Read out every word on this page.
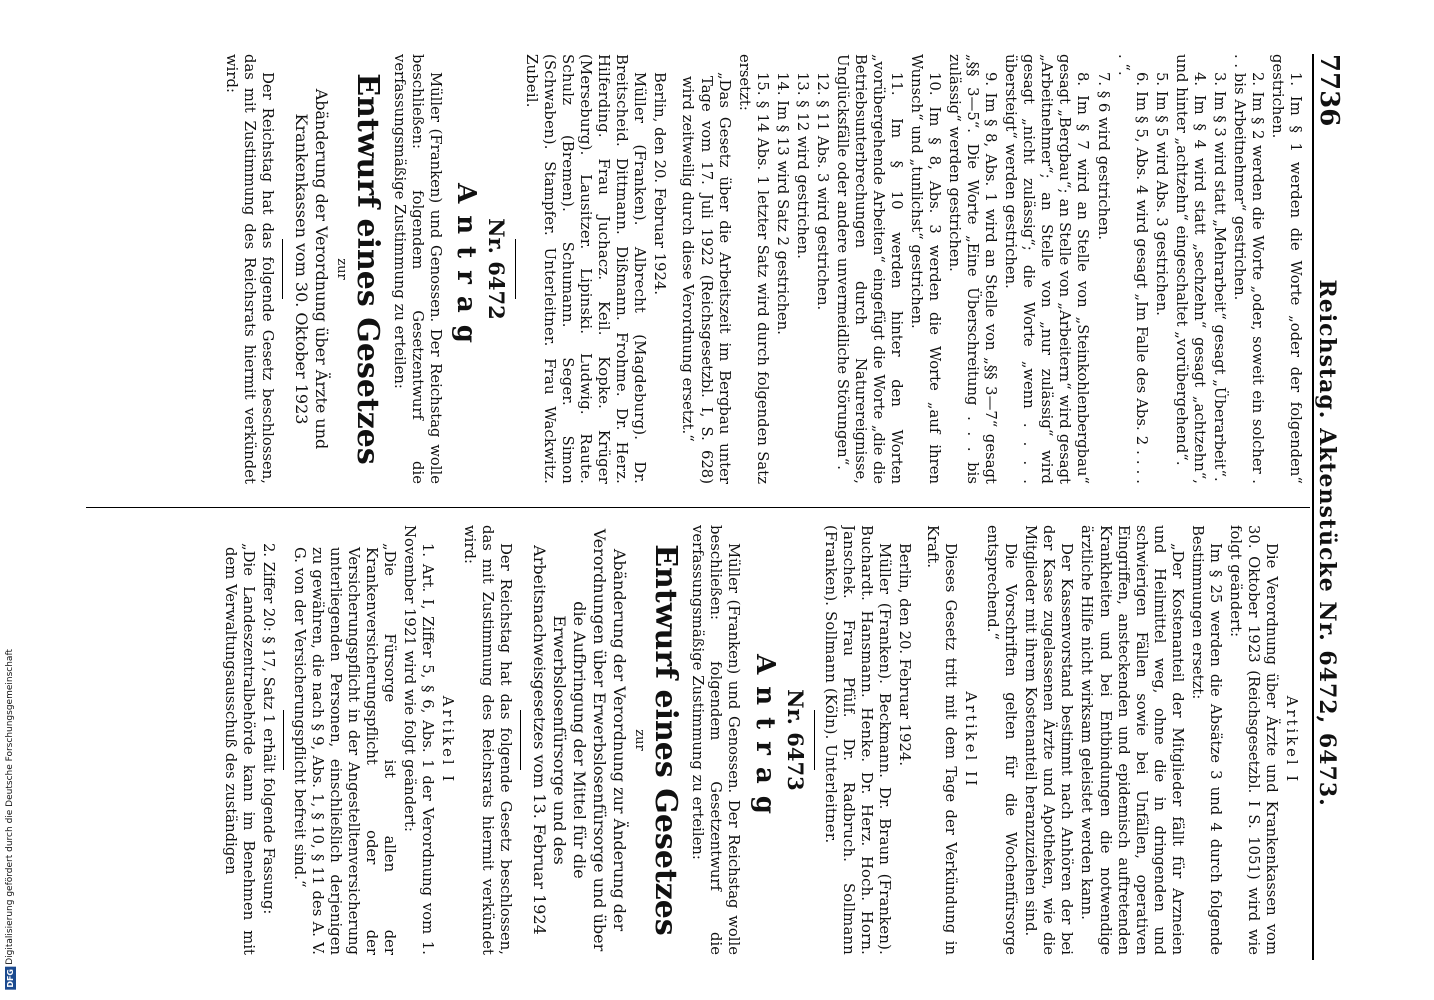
7736
Reichstag. Aktenstücke Nr. 6472, 6473.

1. Im § 1 werden die Worte „oder der folgenden“ gestrichen.

2. Im § 2 werden die Worte „oder, soweit ein solcher . . . bis Arbeitnehmer“ gestrichen.

3. Im § 3 wird statt „Mehrarbeit“ gesagt „Überarbeit“.

4. Im § 4 wird statt „sechzehn“ gesagt „achtzehn“, und hinter „achtzehn“ eingeschaltet „vorübergehend“.

5. Im § 5 wird Abs. 3 gestrichen.

6. Im § 5, Abs. 4 wird gesagt „Im Falle des Abs. 2 . . . . . “.

7. § 6 wird gestrichen.

8. Im § 7 wird an Stelle von „Steinkohlenbergbau“ gesagt „Bergbau“; an Stelle von „Arbeitern“ wird gesagt „Arbeitnehmer“; an Stelle von „nur zulässig“ wird gesagt „nicht zulässig“; die Worte „wenn . . . . übersteigt“ werden gestrichen.

9. Im § 8, Abs. 1 wird an Stelle von „§§ 3—7“ gesagt „§§ 3—5“. Die Worte „Eine Überschreitung . . . bis zulässig“ werden gestrichen.

10. Im § 8, Abs. 3 werden die Worte „auf ihren Wunsch“ und „tunlichst“ gestrichen.

11. Im § 10 werden hinter den Worten „vorübergehende Arbeiten“ eingefügt die Worte „die die Betriebsunterbrechungen durch Naturereignisse, Unglücksfälle oder andere unvermeidliche Störungen“.

12. § 11 Abs. 3 wird gestrichen.

13. § 12 wird gestrichen.

14. Im § 13 wird Satz 2 gestrichen.

15. § 14 Abs. 1 letzter Satz wird durch folgenden Satz ersetzt:

„Das Gesetz über die Arbeitszeit im Bergbau unter Tage vom 17. Juli 1922 (Reichsgesetzbl. I, S. 628) wird zeitweilig durch diese Verordnung ersetzt.“

Berlin, den 20. Februar 1924.

Müller (Franken). Albrecht (Magdeburg). Dr. Breitscheid. Dittmann. Dißmann. Frohme. Dr. Herz. Hilferding. Frau Juchacz. Keil. Kopke. Krüger (Merseburg). Lausitzer. Lipinski. Ludwig. Raute. Schulz (Bremen). Schumann. Seger. Simon (Schwaben). Stampfer. Unterleitner. Frau Wackwitz. Zubeil.

Nr. 6472
Antrag

Müller (Franken) und Genossen. Der Reichstag wolle beschließen: folgendem Gesetzentwurf die verfassungsmäßige Zustimmung zu erteilen:

Entwurf eines Gesetzes
zur
Abänderung der Verordnung über Ärzte und Krankenkassen vom 30. Oktober 1923

Der Reichstag hat das folgende Gesetz beschlossen, das mit Zustimmung des Reichsrats hiermit verkündet wird:

Artikel I

Die Verordnung über Ärzte und Krankenkassen vom 30. Oktober 1923 (Reichsgesetzbl. I S. 1051) wird wie folgt geändert:

Im § 25 werden die Absätze 3 und 4 durch folgende Bestimmungen ersetzt:

„Der Kostenanteil der Mitglieder fällt für Arzneien und Heilmittel weg, ohne die in dringenden und schwierigen Fällen sowie bei Unfällen, operativen Eingriffen, ansteckenden und epidemisch auftretenden Krankheiten und bei Entbindungen die notwendige ärztliche Hilfe nicht wirksam geleistet werden kann.

Der Kassenvorstand bestimmt nach Anhören der bei der Kasse zugelassenen Ärzte und Apotheken, wie die Mitglieder mit ihrem Kostenanteil heranzuziehen sind.

Die Vorschriften gelten für die Wochenfürsorge entsprechend.“

Artikel II

Dieses Gesetz tritt mit dem Tage der Verkündung in Kraft.

Berlin, den 20. Februar 1924.

Müller (Franken). Beckmann. Dr. Braun (Franken). Buchardt. Hansmann. Henke. Dr. Herz. Hoch. Horn. Janschek. Frau Pfülf. Dr. Radbruch. Sollmann (Franken). Sollmann (Köln). Unterleitner.

Nr. 6473
Antrag

Müller (Franken) und Genossen. Der Reichstag wolle beschließen: folgendem Gesetzentwurf die verfassungsmäßige Zustimmung zu erteilen:

Entwurf eines Gesetzes
zur
Abänderung der Verordnung zur Änderung der Verordnungen über Erwerbslosenfürsorge und über die Aufbringung der Mittel für die Erwerbslosenfürsorge und des Arbeitsnachweisgesetzes vom 13. Februar 1924

Der Reichstag hat das folgende Gesetz beschlossen, das mit Zustimmung des Reichsrats hiermit verkündet wird:

Artikel I

1. Art. I, Ziffer 5, § 6, Abs. 1 der Verordnung vom 1. November 1921 wird wie folgt geändert:

„Die Fürsorge ist allen der Krankenversicherungspflicht oder der Versicherungspflicht in der Angestelltenversicherung unterliegenden Personen, einschließlich derjenigen zu gewähren, die nach § 9, Abs. 1, § 10, § 11 des A. V. G. von der Versicherungspflicht befreit sind.“

2. Ziffer 20: § 17, Satz 1 erhält folgende Fassung:

„Die Landeszentralbehörde kann im Benehmen mit dem Verwaltungsausschuß des zuständigen

Digitalisierung gefördert durch die Deutsche Forschungsgemeinschaft
DFG
